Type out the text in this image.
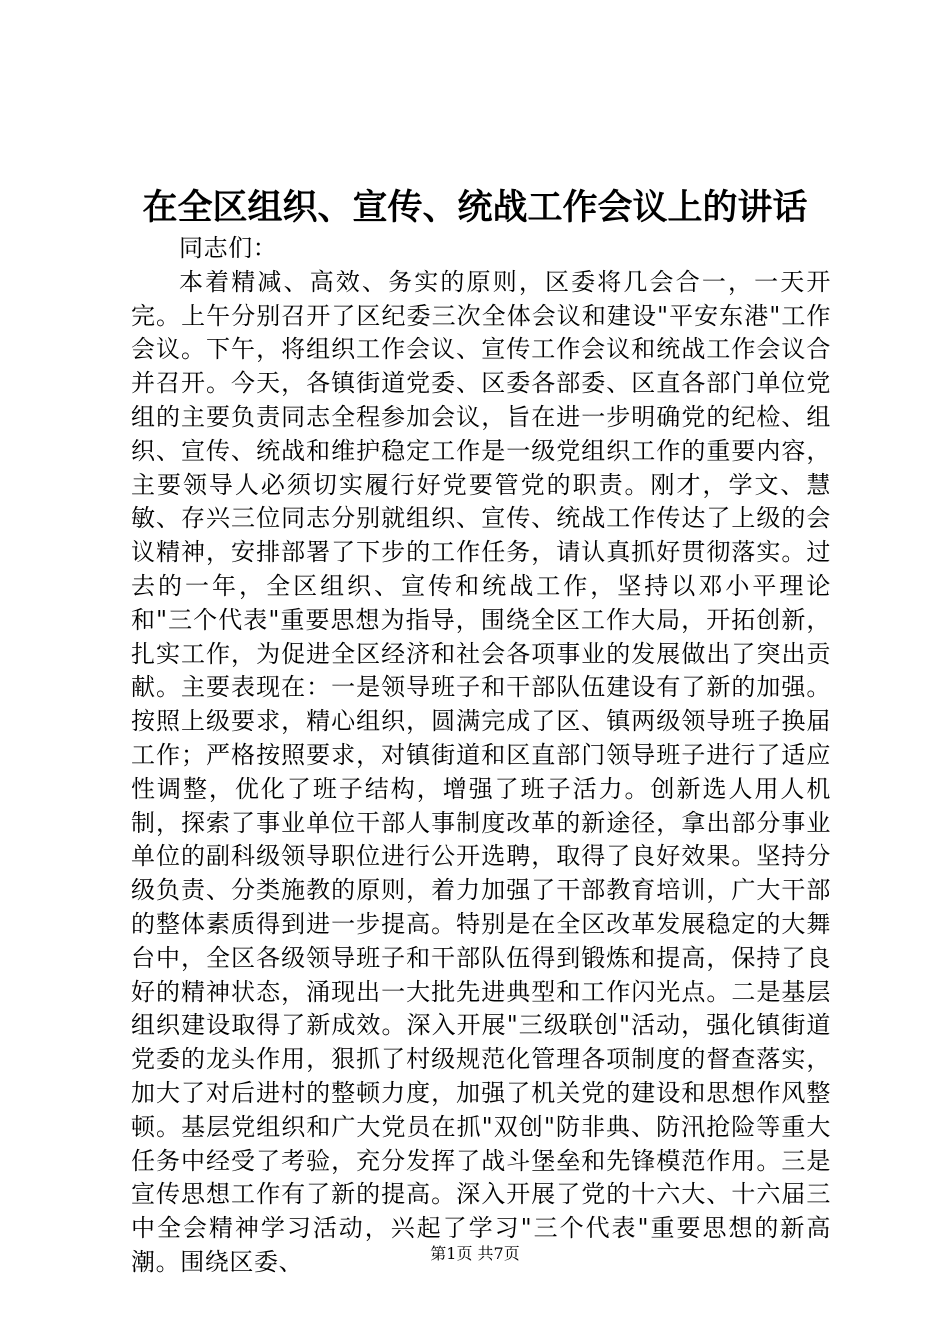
在全区组织、宣传、统战工作会议上的讲话

同志们：

本着精减、高效、务实的原则，区委将几会合一，一天开完。上午分别召开了区纪委三次全体会议和建设"平安东港"工作会议。下午，将组织工作会议、宣传工作会议和统战工作会议合并召开。今天，各镇街道党委、区委各部委、区直各部门单位党组的主要负责同志全程参加会议，旨在进一步明确党的纪检、组织、宣传、统战和维护稳定工作是一级党组织工作的重要内容，主要领导人必须切实履行好党要管党的职责。刚才，学文、慧敏、存兴三位同志分别就组织、宣传、统战工作传达了上级的会议精神，安排部署了下步的工作任务，请认真抓好贯彻落实。过去的一年，全区组织、宣传和统战工作，坚持以邓小平理论和"三个代表"重要思想为指导，围绕全区工作大局，开拓创新，扎实工作，为促进全区经济和社会各项事业的发展做出了突出贡献。主要表现在：一是领导班子和干部队伍建设有了新的加强。按照上级要求，精心组织，圆满完成了区、镇两级领导班子换届工作；严格按照要求，对镇街道和区直部门领导班子进行了适应性调整，优化了班子结构，增强了班子活力。创新选人用人机制，探索了事业单位干部人事制度改革的新途径，拿出部分事业单位的副科级领导职位进行公开选聘，取得了良好效果。坚持分级负责、分类施教的原则，着力加强了干部教育培训，广大干部的整体素质得到进一步提高。特别是在全区改革发展稳定的大舞台中，全区各级领导班子和干部队伍得到锻炼和提高，保持了良好的精神状态，涌现出一大批先进典型和工作闪光点。二是基层组织建设取得了新成效。深入开展"三级联创"活动，强化镇街道党委的龙头作用，狠抓了村级规范化管理各项制度的督查落实，加大了对后进村的整顿力度，加强了机关党的建设和思想作风整顿。基层党组织和广大党员在抓"双创"防非典、防汛抢险等重大任务中经受了考验，充分发挥了战斗堡垒和先锋模范作用。三是宣传思想工作有了新的提高。深入开展了党的十六大、十六届三中全会精神学习活动，兴起了学习"三个代表"重要思想的新高潮。围绕区委、	第1页 共7页
